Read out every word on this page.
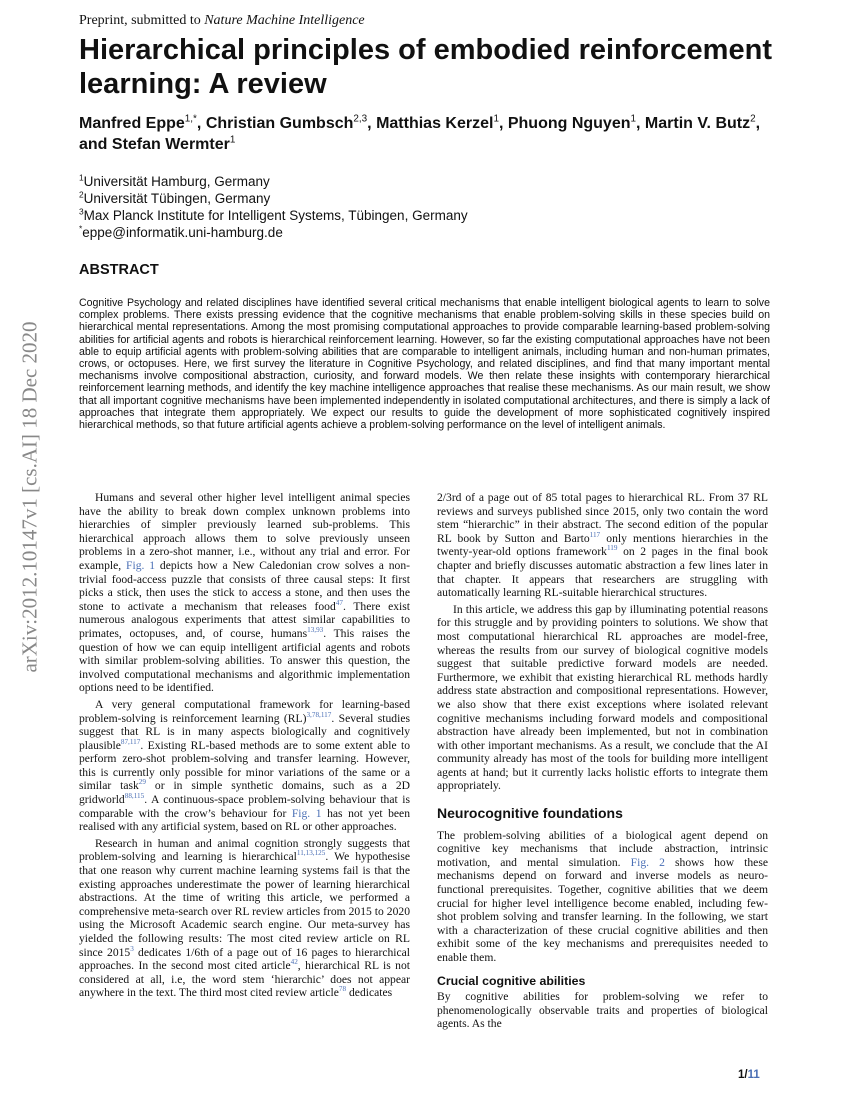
Preprint, submitted to Nature Machine Intelligence
Hierarchical principles of embodied reinforcement learning: A review
Manfred Eppe$^{1,*}$, Christian Gumbsch$^{2,3}$, Matthias Kerzel$^1$, Phuong Nguyen$^1$, Martin V. Butz$^2$, and Stefan Wermter$^1$
$^1$Universität Hamburg, Germany
$^2$Universität Tübingen, Germany
$^3$Max Planck Institute for Intelligent Systems, Tübingen, Germany
*eppe@informatik.uni-hamburg.de
ABSTRACT

Cognitive Psychology and related disciplines have identified several critical mechanisms that enable intelligent biological agents to learn to solve complex problems. There exists pressing evidence that the cognitive mechanisms that enable problem-solving skills in these species build on hierarchical mental representations. Among the most promising computational approaches to provide comparable learning-based problem-solving abilities for artificial agents and robots is hierarchical reinforcement learning. However, so far the existing computational approaches have not been able to equip artificial agents with problem-solving abilities that are comparable to intelligent animals, including human and non-human primates, crows, or octopuses. Here, we first survey the literature in Cognitive Psychology, and related disciplines, and find that many important mental mechanisms involve compositional abstraction, curiosity, and forward models. We then relate these insights with contemporary hierarchical reinforcement learning methods, and identify the key machine intelligence approaches that realise these mechanisms. As our main result, we show that all important cognitive mechanisms have been implemented independently in isolated computational architectures, and there is simply a lack of approaches that integrate them appropriately. We expect our results to guide the development of more sophisticated cognitively inspired hierarchical methods, so that future artificial agents achieve a problem-solving performance on the level of intelligent animals.

arXiv:2012.10147v1 [cs.AI] 18 Dec 2020	Humans and several other higher level intelligent animal species have the ability to break down complex unknown problems into hierarchies of simpler previously learned sub-problems. This hierarchical approach allows them to solve previously unseen problems in a zero-shot manner, i.e., without any trial and error. For example, Fig. 1 depicts how a New Caledonian crow solves a non-trivial food-access puzzle that consists of three causal steps: It first picks a stick, then uses the stick to access a stone, and then uses the stone to activate a mechanism that releases food$^{47}$. There exist numerous analogous experiments that attest similar capabilities to primates, octopuses, and, of course, humans$^{13,93}$. This raises the question of how we can equip intelligent artificial agents and robots with similar problem-solving abilities. To answer this question, the involved computational mechanisms and algorithmic implementation options need to be identified.

A very general computational framework for learning-based problem-solving is reinforcement learning (RL)$^{3,78,117}$. Several studies suggest that RL is in many aspects biologically and cognitively plausible$^{87,117}$. Existing RL-based methods are to some extent able to perform zero-shot problem-solving and transfer learning. However, this is currently only possible for minor variations of the same or a similar task$^{29}$ or in simple synthetic domains, such as a 2D gridworld$^{88,115}$. A continuous-space problem-solving behaviour that is comparable with the crow’s behaviour for Fig. 1 has not yet been realised with any artificial system, based on RL or other approaches.

Research in human and animal cognition strongly suggests that problem-solving and learning is hierarchical$^{11,13,125}$. We hypothesise that one reason why current machine learning systems fail is that the existing approaches underestimate the power of learning hierarchical abstractions. At the time of writing this article, we performed a comprehensive meta-search over RL review articles from 2015 to 2020 using the Microsoft Academic search engine. Our meta-survey has yielded the following results: The most cited review article on RL since 2015$^3$ dedicates 1/6th of a page out of 16 pages to hierarchical approaches. In the second most cited article$^{42}$, hierarchical RL is not considered at all, i.e, the word stem ‘hierarchic’ does not appear anywhere in the text. The third most cited review article$^{78}$ dedicates

2/3rd of a page out of 85 total pages to hierarchical RL. From 37 RL reviews and surveys published since 2015, only two contain the word stem “hierarchic” in their abstract. The second edition of the popular RL book by Sutton and Barto$^{117}$ only mentions hierarchies in the twenty-year-old options framework$^{119}$ on 2 pages in the final book chapter and briefly discusses automatic abstraction a few lines later in that chapter. It appears that researchers are struggling with automatically learning RL-suitable hierarchical structures.

In this article, we address this gap by illuminating potential reasons for this struggle and by providing pointers to solutions. We show that most computational hierarchical RL approaches are model-free, whereas the results from our survey of biological cognitive models suggest that suitable predictive forward models are needed. Furthermore, we exhibit that existing hierarchical RL methods hardly address state abstraction and compositional representations. However, we also show that there exist exceptions where isolated relevant cognitive mechanisms including forward models and compositional abstraction have already been implemented, but not in combination with other important mechanisms. As a result, we conclude that the AI community already has most of the tools for building more intelligent agents at hand; but it currently lacks holistic efforts to integrate them appropriately.

Neurocognitive foundations

The problem-solving abilities of a biological agent depend on cognitive key mechanisms that include abstraction, intrinsic motivation, and mental simulation. Fig. 2 shows how these mechanisms depend on forward and inverse models as neuro-functional prerequisites. Together, cognitive abilities that we deem crucial for higher level intelligence become enabled, including few-shot problem solving and transfer learning. In the following, we start with a characterization of these crucial cognitive abilities and then exhibit some of the key mechanisms and prerequisites needed to enable them.

Crucial cognitive abilities

By cognitive abilities for problem-solving we refer to phenomenologically observable traits and properties of biological agents. As the

1/11
